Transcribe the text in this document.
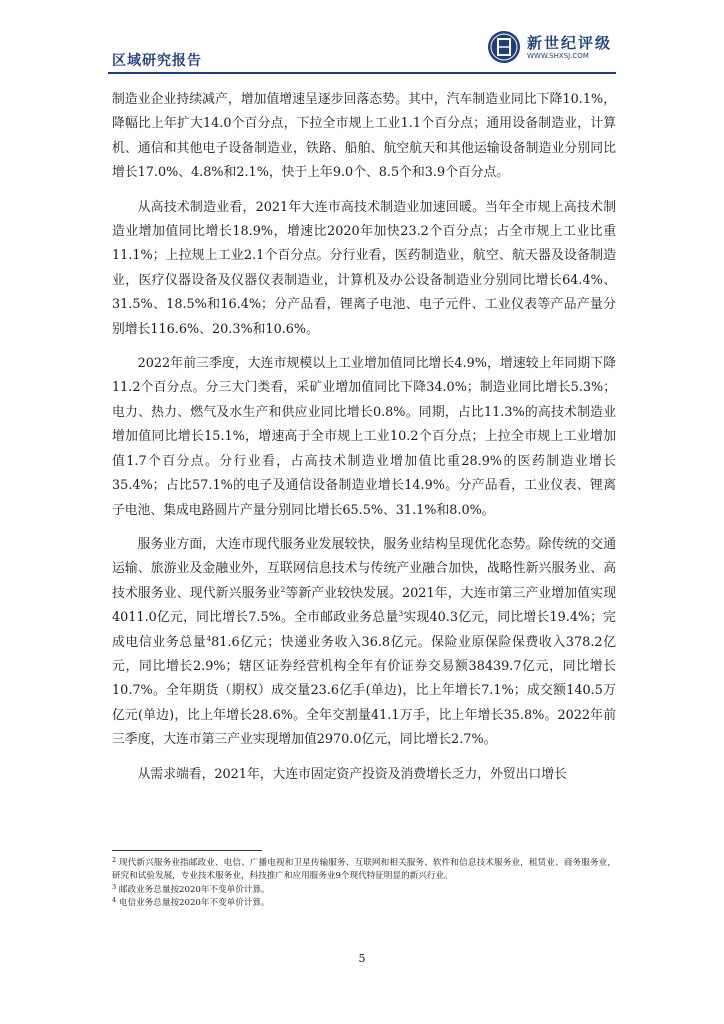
新世纪评级
WWW.SHXSJ.COM
区域研究报告

制造业企业持续减产，增加值增速呈逐步回落态势。其中，汽车制造业同比下降10.1%，降幅比上年扩大14.0个百分点，下拉全市规上工业1.1个百分点；通用设备制造业，计算机、通信和其他电子设备制造业，铁路、船舶、航空航天和其他运输设备制造业分别同比增长17.0%、4.8%和2.1%，快于上年9.0个、8.5个和3.9个百分点。

从高技术制造业看，2021年大连市高技术制造业加速回暖。当年全市规上高技术制造业增加值同比增长18.9%，增速比2020年加快23.2个百分点；占全市规上工业比重11.1%；上拉规上工业2.1个百分点。分行业看，医药制造业，航空、航天器及设备制造业，医疗仪器设备及仪器仪表制造业，计算机及办公设备制造业分别同比增长64.4%、31.5%、18.5%和16.4%；分产品看，锂离子电池、电子元件、工业仪表等产品产量分别增长116.6%、20.3%和10.6%。

2022年前三季度，大连市规模以上工业增加值同比增长4.9%，增速较上年同期下降11.2个百分点。分三大门类看，采矿业增加值同比下降34.0%；制造业同比增长5.3%；电力、热力、燃气及水生产和供应业同比增长0.8%。同期，占比11.3%的高技术制造业增加值同比增长15.1%，增速高于全市规上工业10.2个百分点；上拉全市规上工业增加值1.7个百分点。分行业看，占高技术制造业增加值比重28.9%的医药制造业增长35.4%；占比57.1%的电子及通信设备制造业增长14.9%。分产品看，工业仪表、锂离子电池、集成电路圆片产量分别同比增长65.5%、31.1%和8.0%。

服务业方面，大连市现代服务业发展较快，服务业结构呈现优化态势。除传统的交通运输、旅游业及金融业外，互联网信息技术与传统产业融合加快，战略性新兴服务业、高技术服务业、现代新兴服务业$^2$等新产业较快发展。2021年，大连市第三产业增加值实现4011.0亿元，同比增长7.5%。全市邮政业务总量$^3$实现40.3亿元，同比增长19.4%；完成电信业务总量$^4$81.6亿元；快递业务收入36.8亿元。保险业原保险保费收入378.2亿元，同比增长2.9%；辖区证券经营机构全年有价证券交易额38439.7亿元，同比增长10.7%。全年期货（期权）成交量23.6亿手(单边)，比上年增长7.1%；成交额140.5万亿元(单边)，比上年增长28.6%。全年交割量41.1万手，比上年增长35.8%。2022年前三季度，大连市第三产业实现增加值2970.0亿元，同比增长2.7%。

从需求端看，2021年，大连市固定资产投资及消费增长乏力，外贸出口增长

$^2$ 现代新兴服务业指邮政业、电信、广播电视和卫星传输服务、互联网和相关服务、软件和信息技术服务业，租赁业、商务服务业，研究和试验发展，专业技术服务业，科技推广和应用服务业9个现代特征明显的新兴行业。

$^3$ 邮政业务总量按2020年不变单价计算。

$^4$ 电信业务总量按2020年不变单价计算。

5
